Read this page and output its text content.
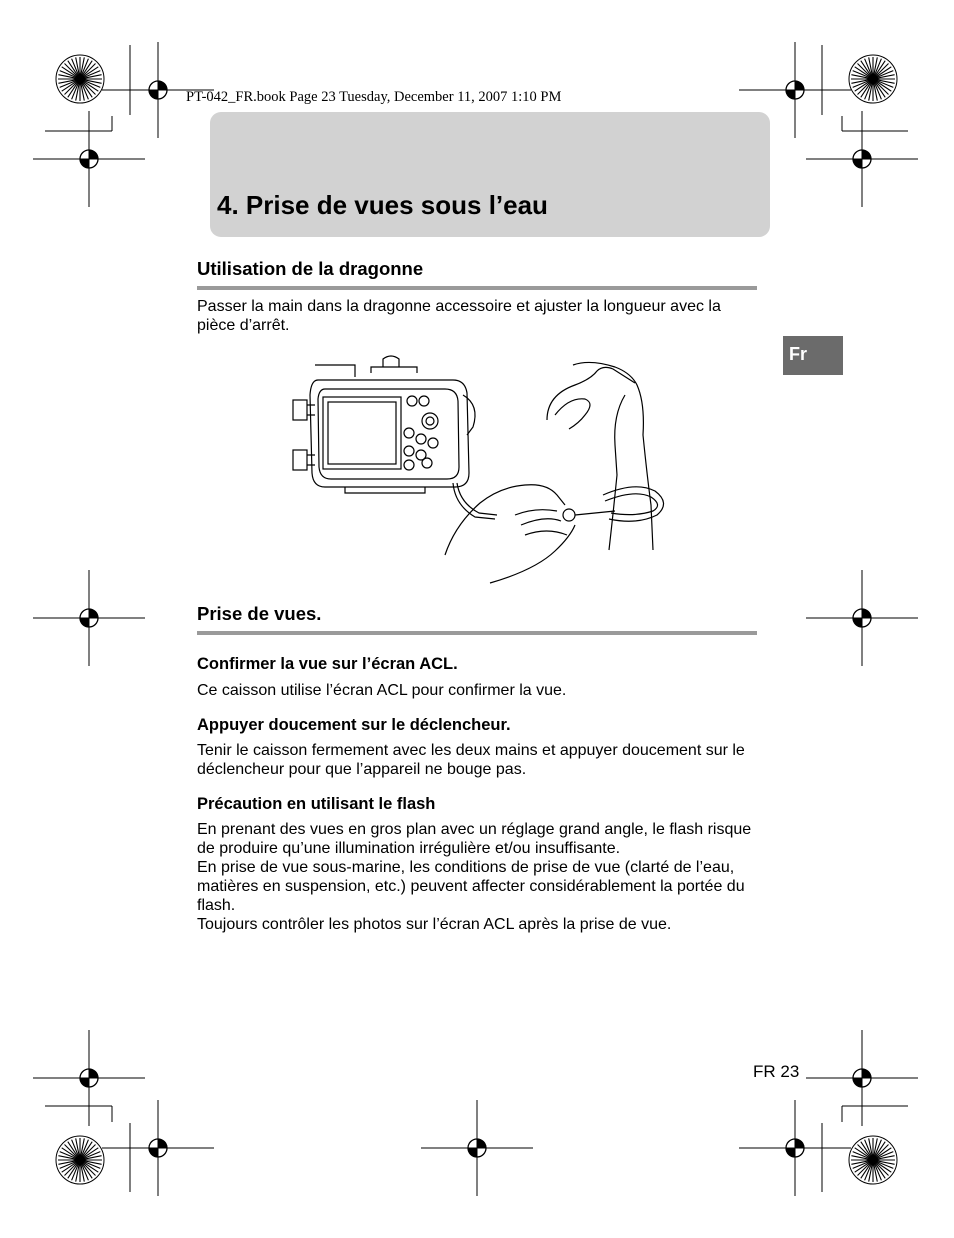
PT-042_FR.book Page 23 Tuesday, December 11, 2007 1:10 PM
4. Prise de vues sous l’eau
Fr
Utilisation de la dragonne
Passer la main dans la dragonne accessoire et ajuster la longueur avec la pièce d’arrêt.
Prise de vues.
Confirmer la vue sur l’écran ACL.
Ce caisson utilise l’écran ACL pour confirmer la vue.
Appuyer doucement sur le déclencheur.
Tenir le caisson fermement avec les deux mains et appuyer doucement sur le déclencheur pour que l’appareil ne bouge pas.
Précaution en utilisant le flash
En prenant des vues en gros plan avec un réglage grand angle, le flash risque de produire qu’une illumination irrégulière et/ou insuffisante.
En prise de vue sous-marine, les conditions de prise de vue (clarté de l’eau, matières en suspension, etc.) peuvent affecter considérablement la portée du flash.
Toujours contrôler les photos sur l’écran ACL après la prise de vue.
FR 23
